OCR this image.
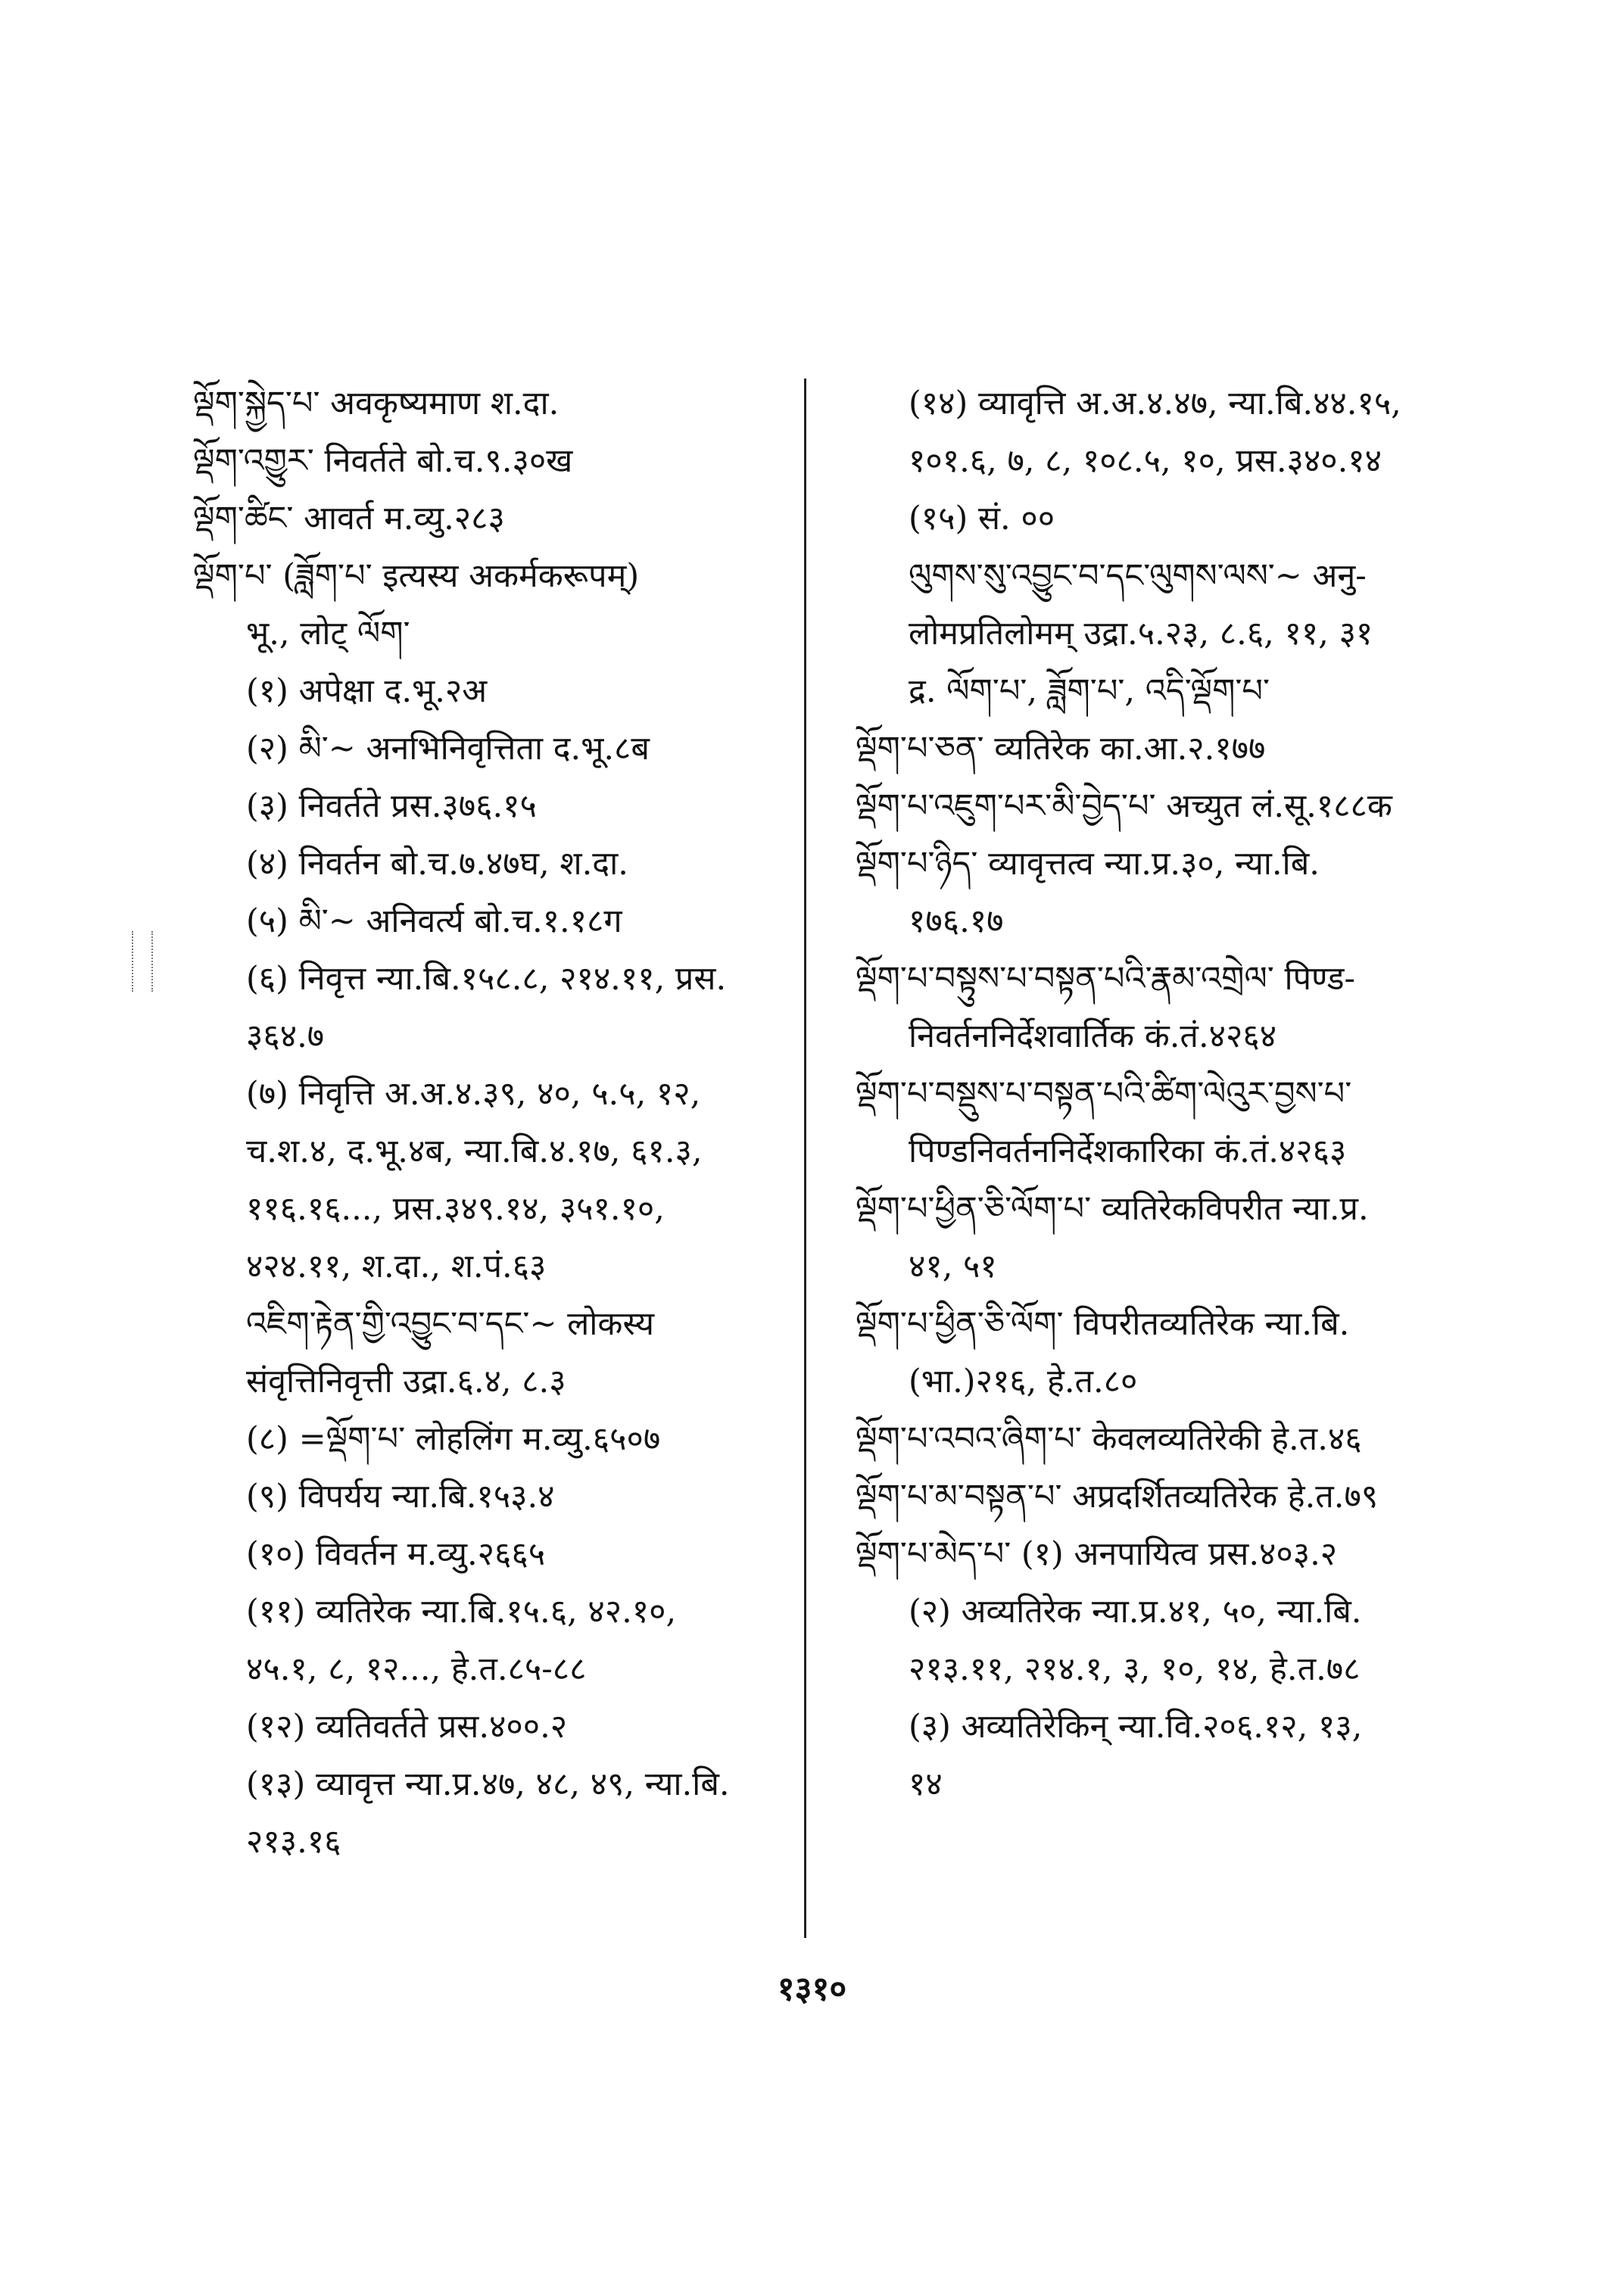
ལྡོག་སྐྱེད་པ་ अवकृष्यमाण श.दा.
ལྡོག་འགྱུར་ निवर्तते बो.च.९.३०ख
ལྡོག་ཚིང་ आवर्त म.व्यु.२८३
ལྡོག་པ་ (ཟློག་པ་ इत्यस्य अकर्मकरूपम्)
भू., लोट् ལོག་
(१) अपेक्षा द.भू.२अ
(२) མི་~ अनभिनिवृत्तिता द.भू.८ब
(३) निवर्तते प्रस.३७६.१५
(४) निवर्तन बो.च.७.४७घ, श.दा.
(५) མི་~ अनिवर्त्य बो.च.१.१८ग
(६) निवृत्त न्या.बि.१५८.८, २१४.११, प्रस.
३६४.७
(७) निवृत्ति अ.अ.४.३९, ४०, ५.५, १२,
च.श.४, द.भू.४ब, न्या.बि.४.१७, ६१.३,
११६.१६..., प्रस.३४९.१४, ३५१.१०,
४२४.११, श.दा., श.पं.६३
འཇིག་རྟེན་གྱི་འབྱུང་བ་དང་~ लोकस्य
संवृत्तिनिवृत्ती उद्रा.६.४, ८.३
(८) =ལྡོག་པ་ लोहलिंग म.व्यु.६५०७
(९) विपर्यय न्या.बि.१५३.४
(१०) विवर्तन म.व्यु.२६६५
(११) व्यतिरेक न्या.बि.१५.६, ४२.१०,
४५.१, ८, १२..., हे.त.८५-८८
(१२) व्यतिवर्तते प्रस.४००.२
(१३) व्यावृत्त न्या.प्र.४७, ४८, ४९, न्या.बि.
२१३.१६
(१४) व्यावृत्ति अ.अ.४.४७, न्या.बि.४४.१५,
१०१.६, ७, ८, १०८.५, १०, प्रस.३४०.१४
(१५) सं. ००
ལུགས་སུ་འབྱུང་བ་དང་ལུགས་ལས་~ अनु-
लोमप्रतिलोमम् उद्रा.५.२३, ८.६, ११, ३१
द्र. ལོག་པ་, ཟློག་པ་, འདི་ལྡོག་པ་
ལྡོག་པ་ཅན་ व्यतिरेक का.आ.२.१७७
ལྡོག་པ་འཇུག་པར་མི་བྱེད་པ་ अच्युत लं.सू.१८८क
ལྡོག་པ་ཉིད་ व्यावृत्तत्व न्या.प्र.३०, न्या.बि.
१७६.१७
ལྡོག་པ་བསྟུས་པ་བསྟན་པའི་རྣམ་འགྲེལ་ पिण्ड-
निवर्तननिर्देशवार्तिक कं.तं.४२६४
ལྡོག་པ་བསྡུས་པ་བསྟན་པའི་ཚིག་ལེའུར་བྱས་པ་
पिण्डनिवर्तननिर्देशकारिका कं.तं.४२६३
ལྡོག་པ་ཕྱིན་ཅི་ལོག་པ་ व्यतिरेकविपरीत न्या.प्र.
४१, ५१
ལྡོག་པ་ཕྱིན་ཅི་ལོག་ विपरीतव्यतिरेक न्या.बि.
(भा.)२१६, हे.त.८०
ལྡོག་པ་འབའ་ཞིག་པ་ केवलव्यतिरेकी हे.त.४६
ལྡོག་པ་མ་བསྟན་པ་ अप्रदर्शितव्यतिरेक हे.त.७९
ལྡོག་པ་མེད་པ་ (१) अनपायित्व प्रस.४०३.२
(२) अव्यतिरेक न्या.प्र.४१, ५०, न्या.बि.
२१३.११, २१४.१, ३, १०, १४, हे.त.७८
(३) अव्यतिरेकिन् न्या.वि.२०६.१२, १३,
१४
१३१०
